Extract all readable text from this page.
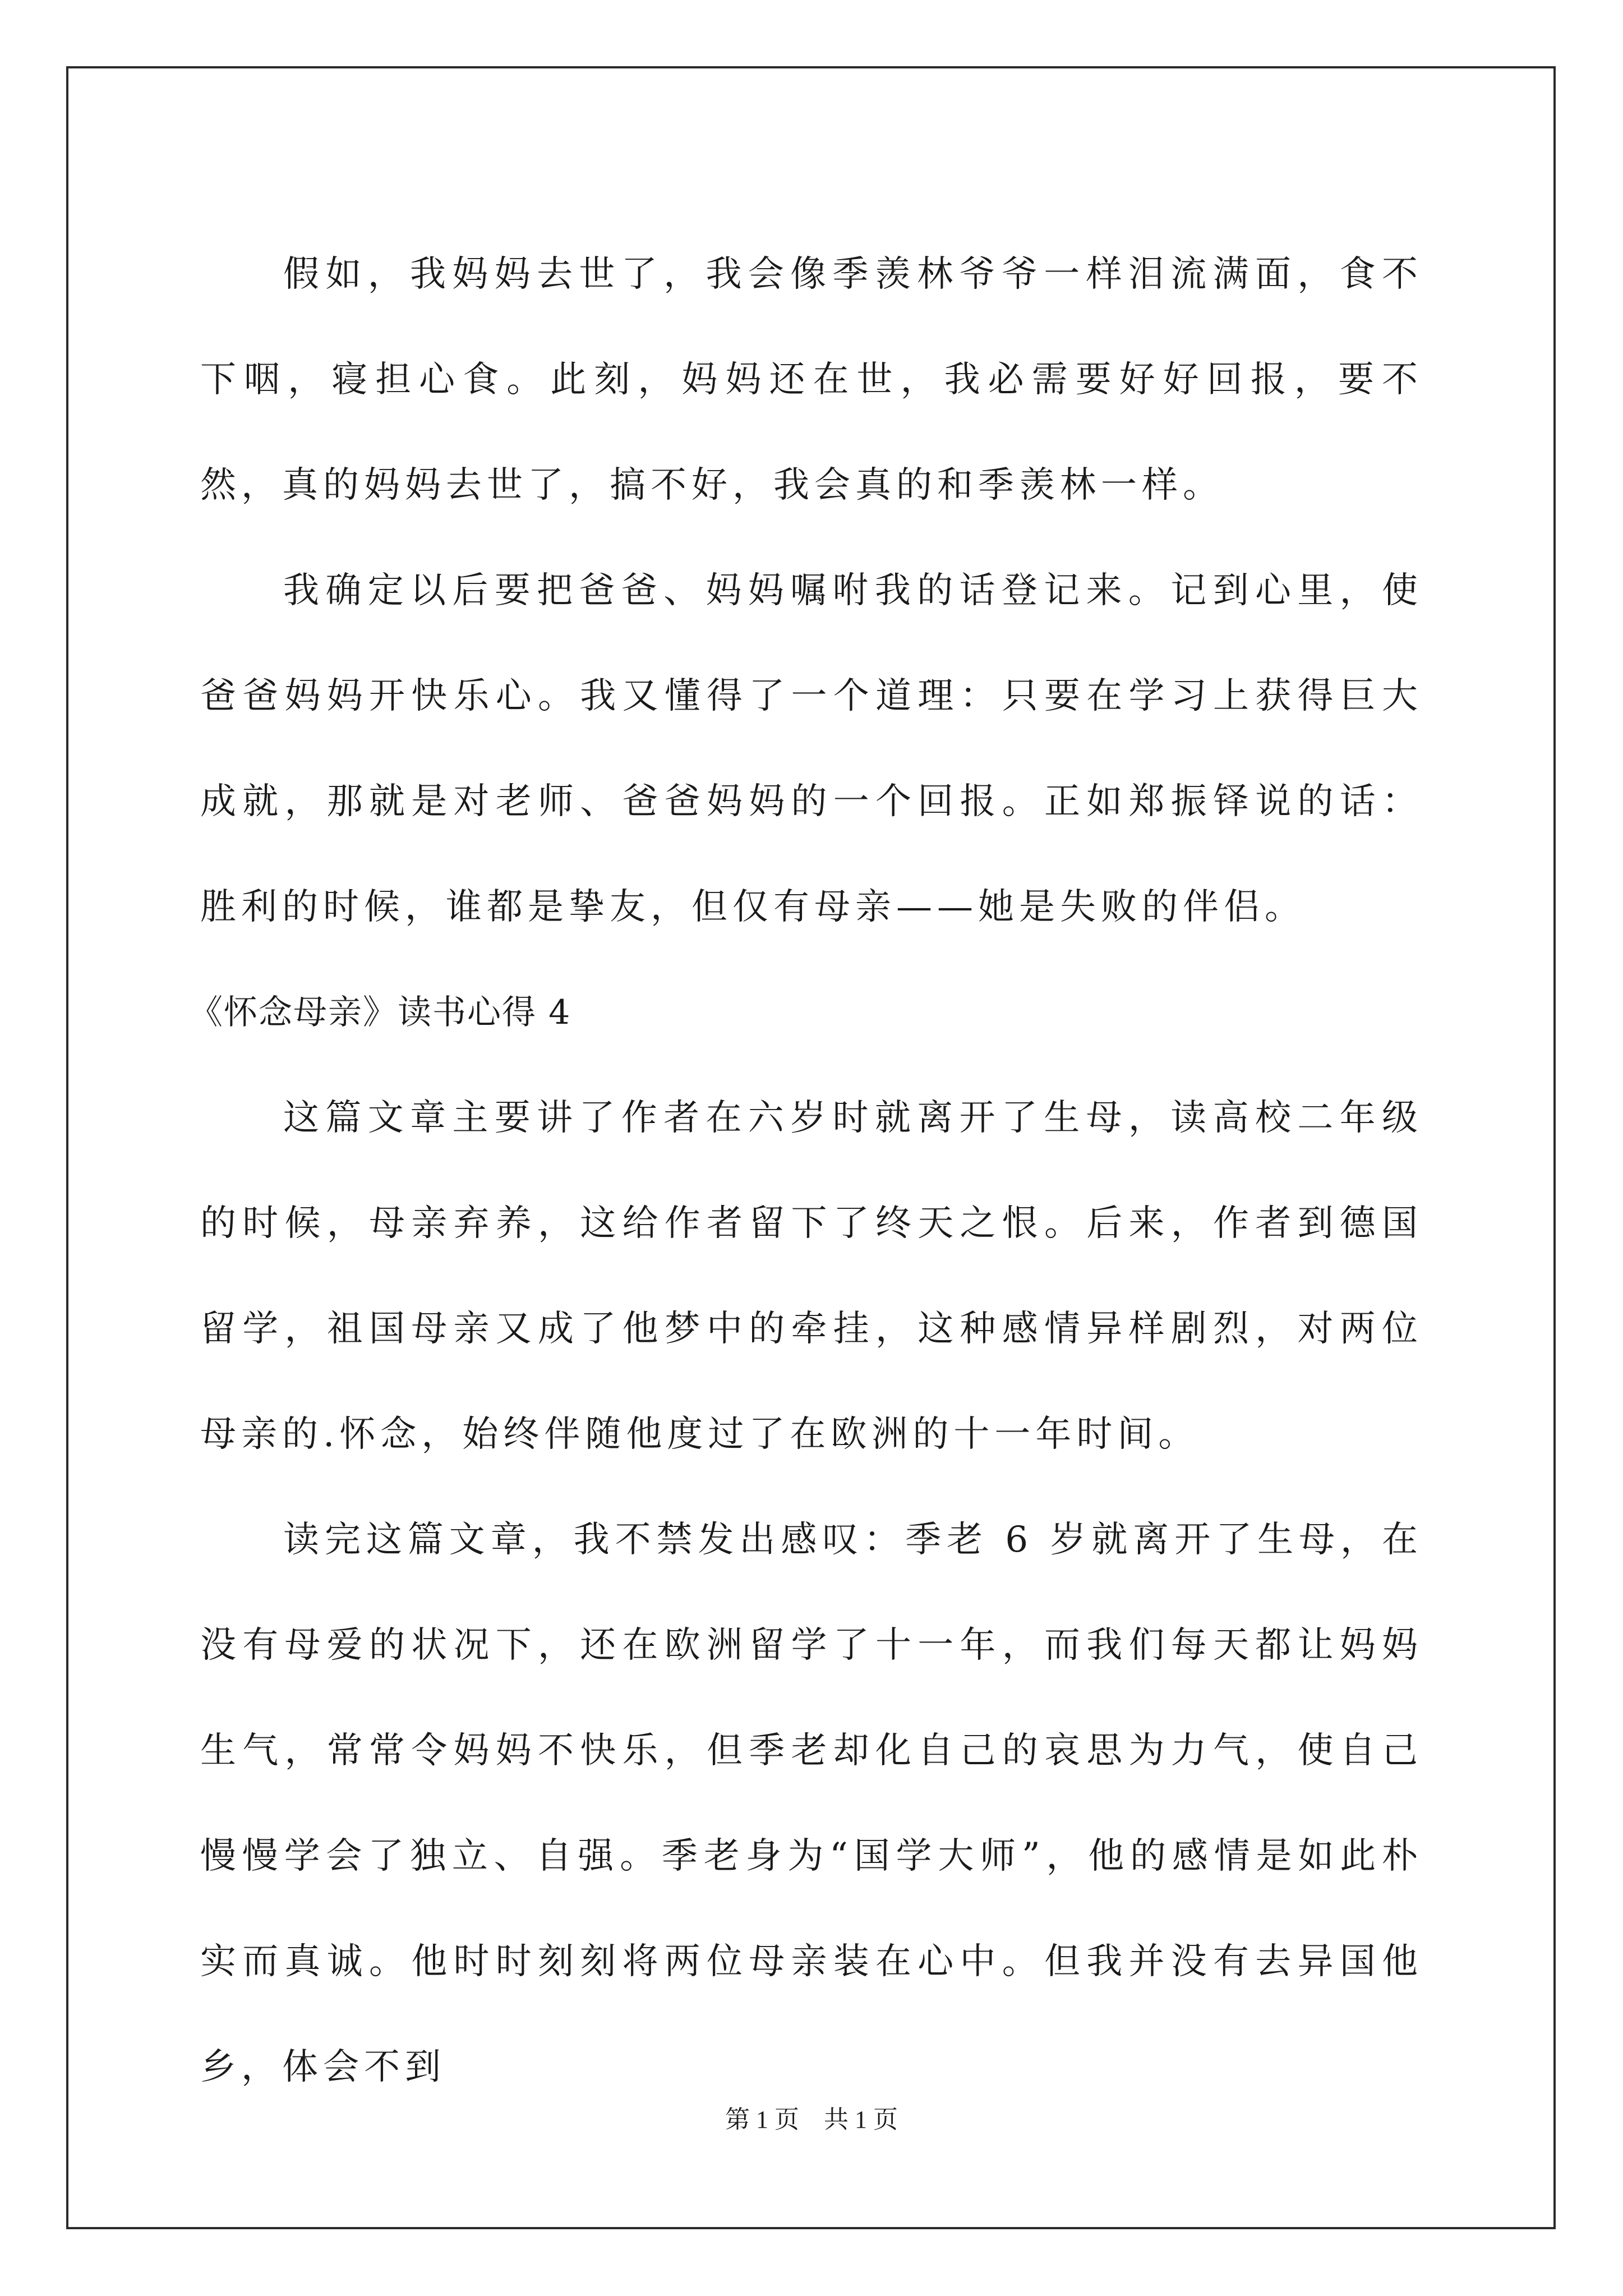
假如，我妈妈去世了，我会像季羡林爷爷一样泪流满面，食不下咽，寝担心食。此刻，妈妈还在世，我必需要好好回报，要不然，真的妈妈去世了，搞不好，我会真的和季羡林一样。

我确定以后要把爸爸、妈妈嘱咐我的话登记来。记到心里，使爸爸妈妈开快乐心。我又懂得了一个道理：只要在学习上获得巨大成就，那就是对老师、爸爸妈妈的一个回报。正如郑振铎说的话：胜利的时候，谁都是挚友，但仅有母亲——她是失败的伴侣。

《怀念母亲》读书心得 4

这篇文章主要讲了作者在六岁时就离开了生母，读高校二年级的时候，母亲弃养，这给作者留下了终天之恨。后来，作者到德国留学，祖国母亲又成了他梦中的牵挂，这种感情异样剧烈，对两位母亲的.怀念，始终伴随他度过了在欧洲的十一年时间。

读完这篇文章，我不禁发出感叹：季老 6 岁就离开了生母，在没有母爱的状况下，还在欧洲留学了十一年，而我们每天都让妈妈生气，常常令妈妈不快乐，但季老却化自己的哀思为力气，使自己慢慢学会了独立、自强。季老身为“国学大师”，他的感情是如此朴实而真诚。他时时刻刻将两位母亲装在心中。但我并没有去异国他乡，体会不到

第 1 页　共 1 页
